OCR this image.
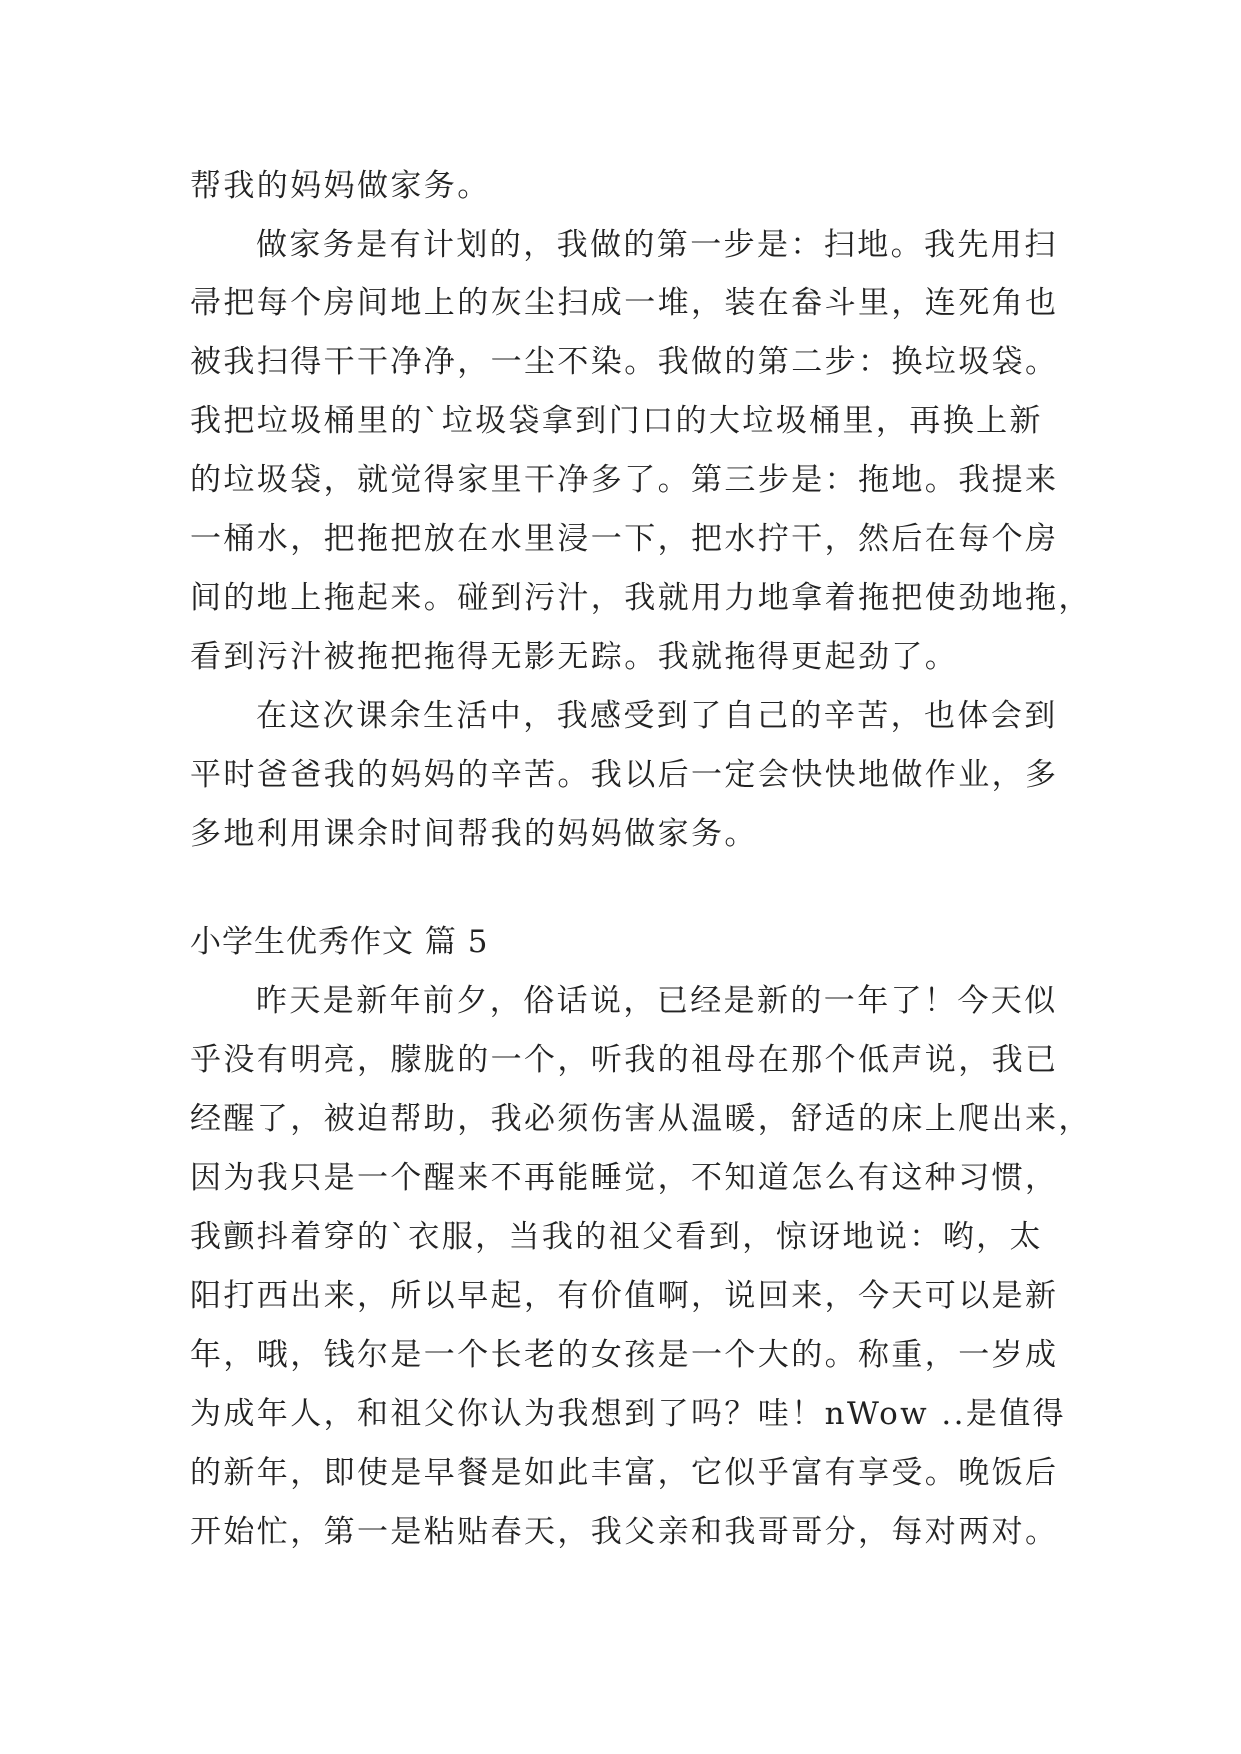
帮我的妈妈做家务。
做家务是有计划的，我做的第一步是：扫地。我先用扫
帚把每个房间地上的灰尘扫成一堆，装在畚斗里，连死角也
被我扫得干干净净，一尘不染。我做的第二步：换垃圾袋。
我把垃圾桶里的`垃圾袋拿到门口的大垃圾桶里，再换上新
的垃圾袋，就觉得家里干净多了。第三步是：拖地。我提来
一桶水，把拖把放在水里浸一下，把水拧干，然后在每个房
间的地上拖起来。碰到污汁，我就用力地拿着拖把使劲地拖，
看到污汁被拖把拖得无影无踪。我就拖得更起劲了。
在这次课余生活中，我感受到了自己的辛苦，也体会到
平时爸爸我的妈妈的辛苦。我以后一定会快快地做作业，多
多地利用课余时间帮我的妈妈做家务。
小学生优秀作文 篇 5
昨天是新年前夕，俗话说，已经是新的一年了！今天似
乎没有明亮，朦胧的一个，听我的祖母在那个低声说，我已
经醒了，被迫帮助，我必须伤害从温暖，舒适的床上爬出来，
因为我只是一个醒来不再能睡觉，不知道怎么有这种习惯，
我颤抖着穿的`衣服，当我的祖父看到，惊讶地说：哟，太
阳打西出来，所以早起，有价值啊，说回来，今天可以是新
年，哦，钱尔是一个长老的女孩是一个大的。称重，一岁成
为成年人，和祖父你认为我想到了吗？哇！nWow ..是值得
的新年，即使是早餐是如此丰富，它似乎富有享受。晚饭后
开始忙，第一是粘贴春天，我父亲和我哥哥分，每对两对。
